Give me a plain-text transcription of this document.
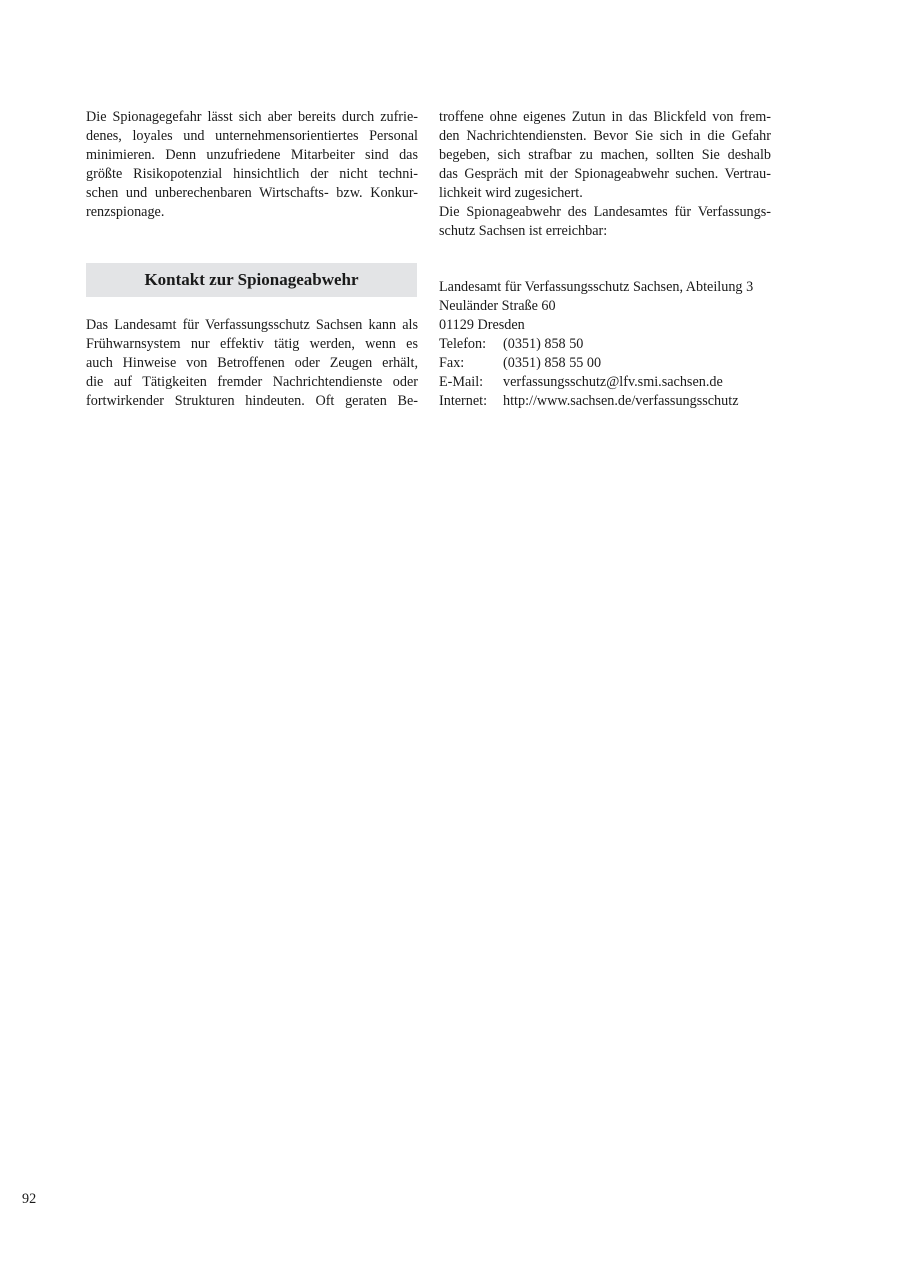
Die Spionagegefahr lässt sich aber bereits durch zufrie-
denes, loyales und unternehmensorientiertes Personal
minimieren. Denn unzufriedene Mitarbeiter sind das
größte Risikopotenzial hinsichtlich der nicht techni-
schen und unberechenbaren Wirtschafts- bzw. Konkur-
renzspionage.
Kontakt zur Spionageabwehr
Das Landesamt für Verfassungsschutz Sachsen kann als
Frühwarnsystem nur effektiv tätig werden, wenn es
auch Hinweise von Betroffenen oder Zeugen erhält,
die auf Tätigkeiten fremder Nachrichtendienste oder
fortwirkender Strukturen hindeuten. Oft geraten Be-
troffene ohne eigenes Zutun in das Blickfeld von frem-
den Nachrichtendiensten. Bevor Sie sich in die Gefahr
begeben, sich strafbar zu machen, sollten Sie deshalb
das Gespräch mit der Spionageabwehr suchen. Vertrau-
lichkeit wird zugesichert.
Die Spionageabwehr des Landesamtes für Verfassungs-
schutz Sachsen ist erreichbar:
Landesamt für Verfassungsschutz Sachsen, Abteilung 3
Neuländer Straße 60
01129 Dresden
Telefon:	(0351) 858 50
Fax:	(0351) 858 55 00
E-Mail:	verfassungsschutz@lfv.smi.sachsen.de
Internet:	http://www.sachsen.de/verfassungsschutz
92
